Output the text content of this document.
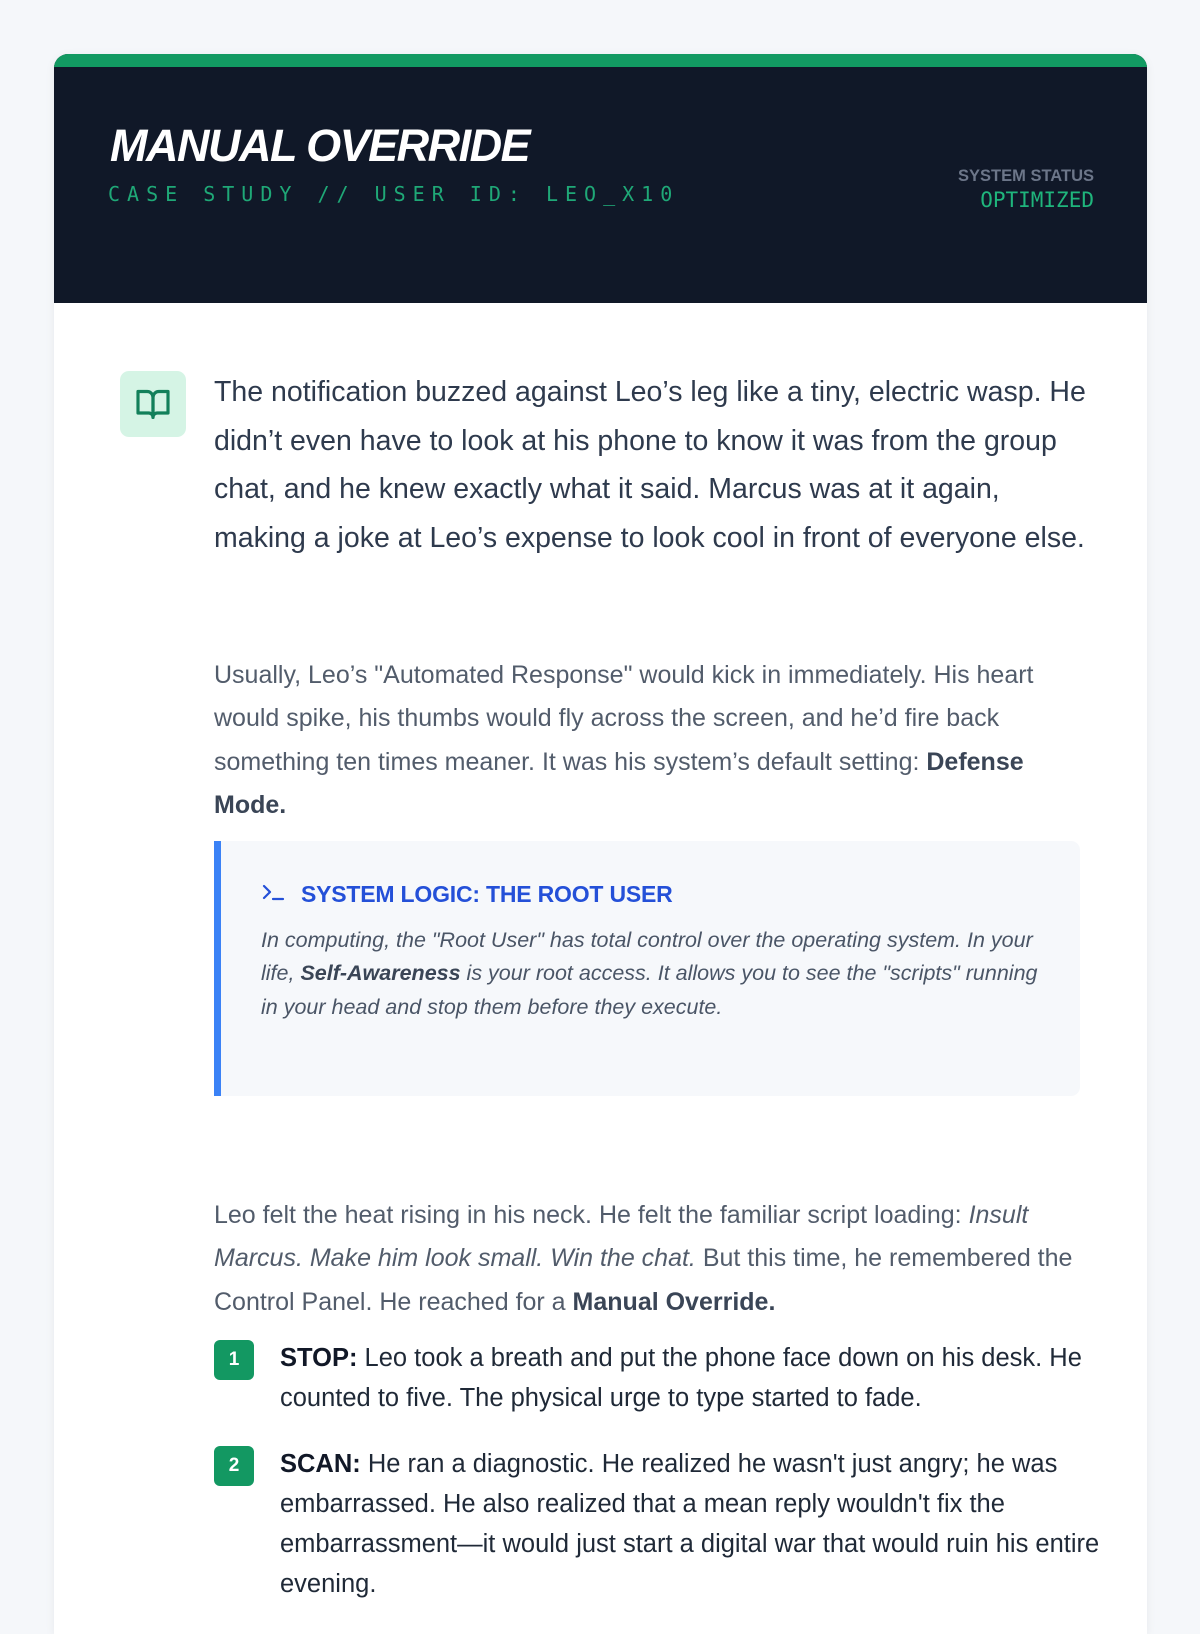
MANUAL OVERRIDE
CASE STUDY // USER ID: LEO_X10
SYSTEM STATUS
OPTIMIZED

The notification buzzed against Leo’s leg like a tiny, electric wasp. He didn’t even have to look at his phone to know it was from the group chat, and he knew exactly what it said. Marcus was at it again, making a joke at Leo’s expense to look cool in front of everyone else.

Usually, Leo’s "Automated Response" would kick in immediately. His heart would spike, his thumbs would fly across the screen, and he’d fire back something ten times meaner. It was his system’s default setting: Defense Mode.

SYSTEM LOGIC: THE ROOT USER

In computing, the "Root User" has total control over the operating system. In your life, Self-Awareness is your root access. It allows you to see the "scripts" running in your head and stop them before they execute.

Leo felt the heat rising in his neck. He felt the familiar script loading: Insult Marcus. Make him look small. Win the chat. But this time, he remembered the Control Panel. He reached for a Manual Override.

1	STOP: Leo took a breath and put the phone face down on his desk. He counted to five. The physical urge to type started to fade.
2	SCAN: He ran a diagnostic. He realized he wasn't just angry; he was embarrassed. He also realized that a mean reply wouldn't fix the embarrassment—it would just start a digital war that would ruin his entire evening.
